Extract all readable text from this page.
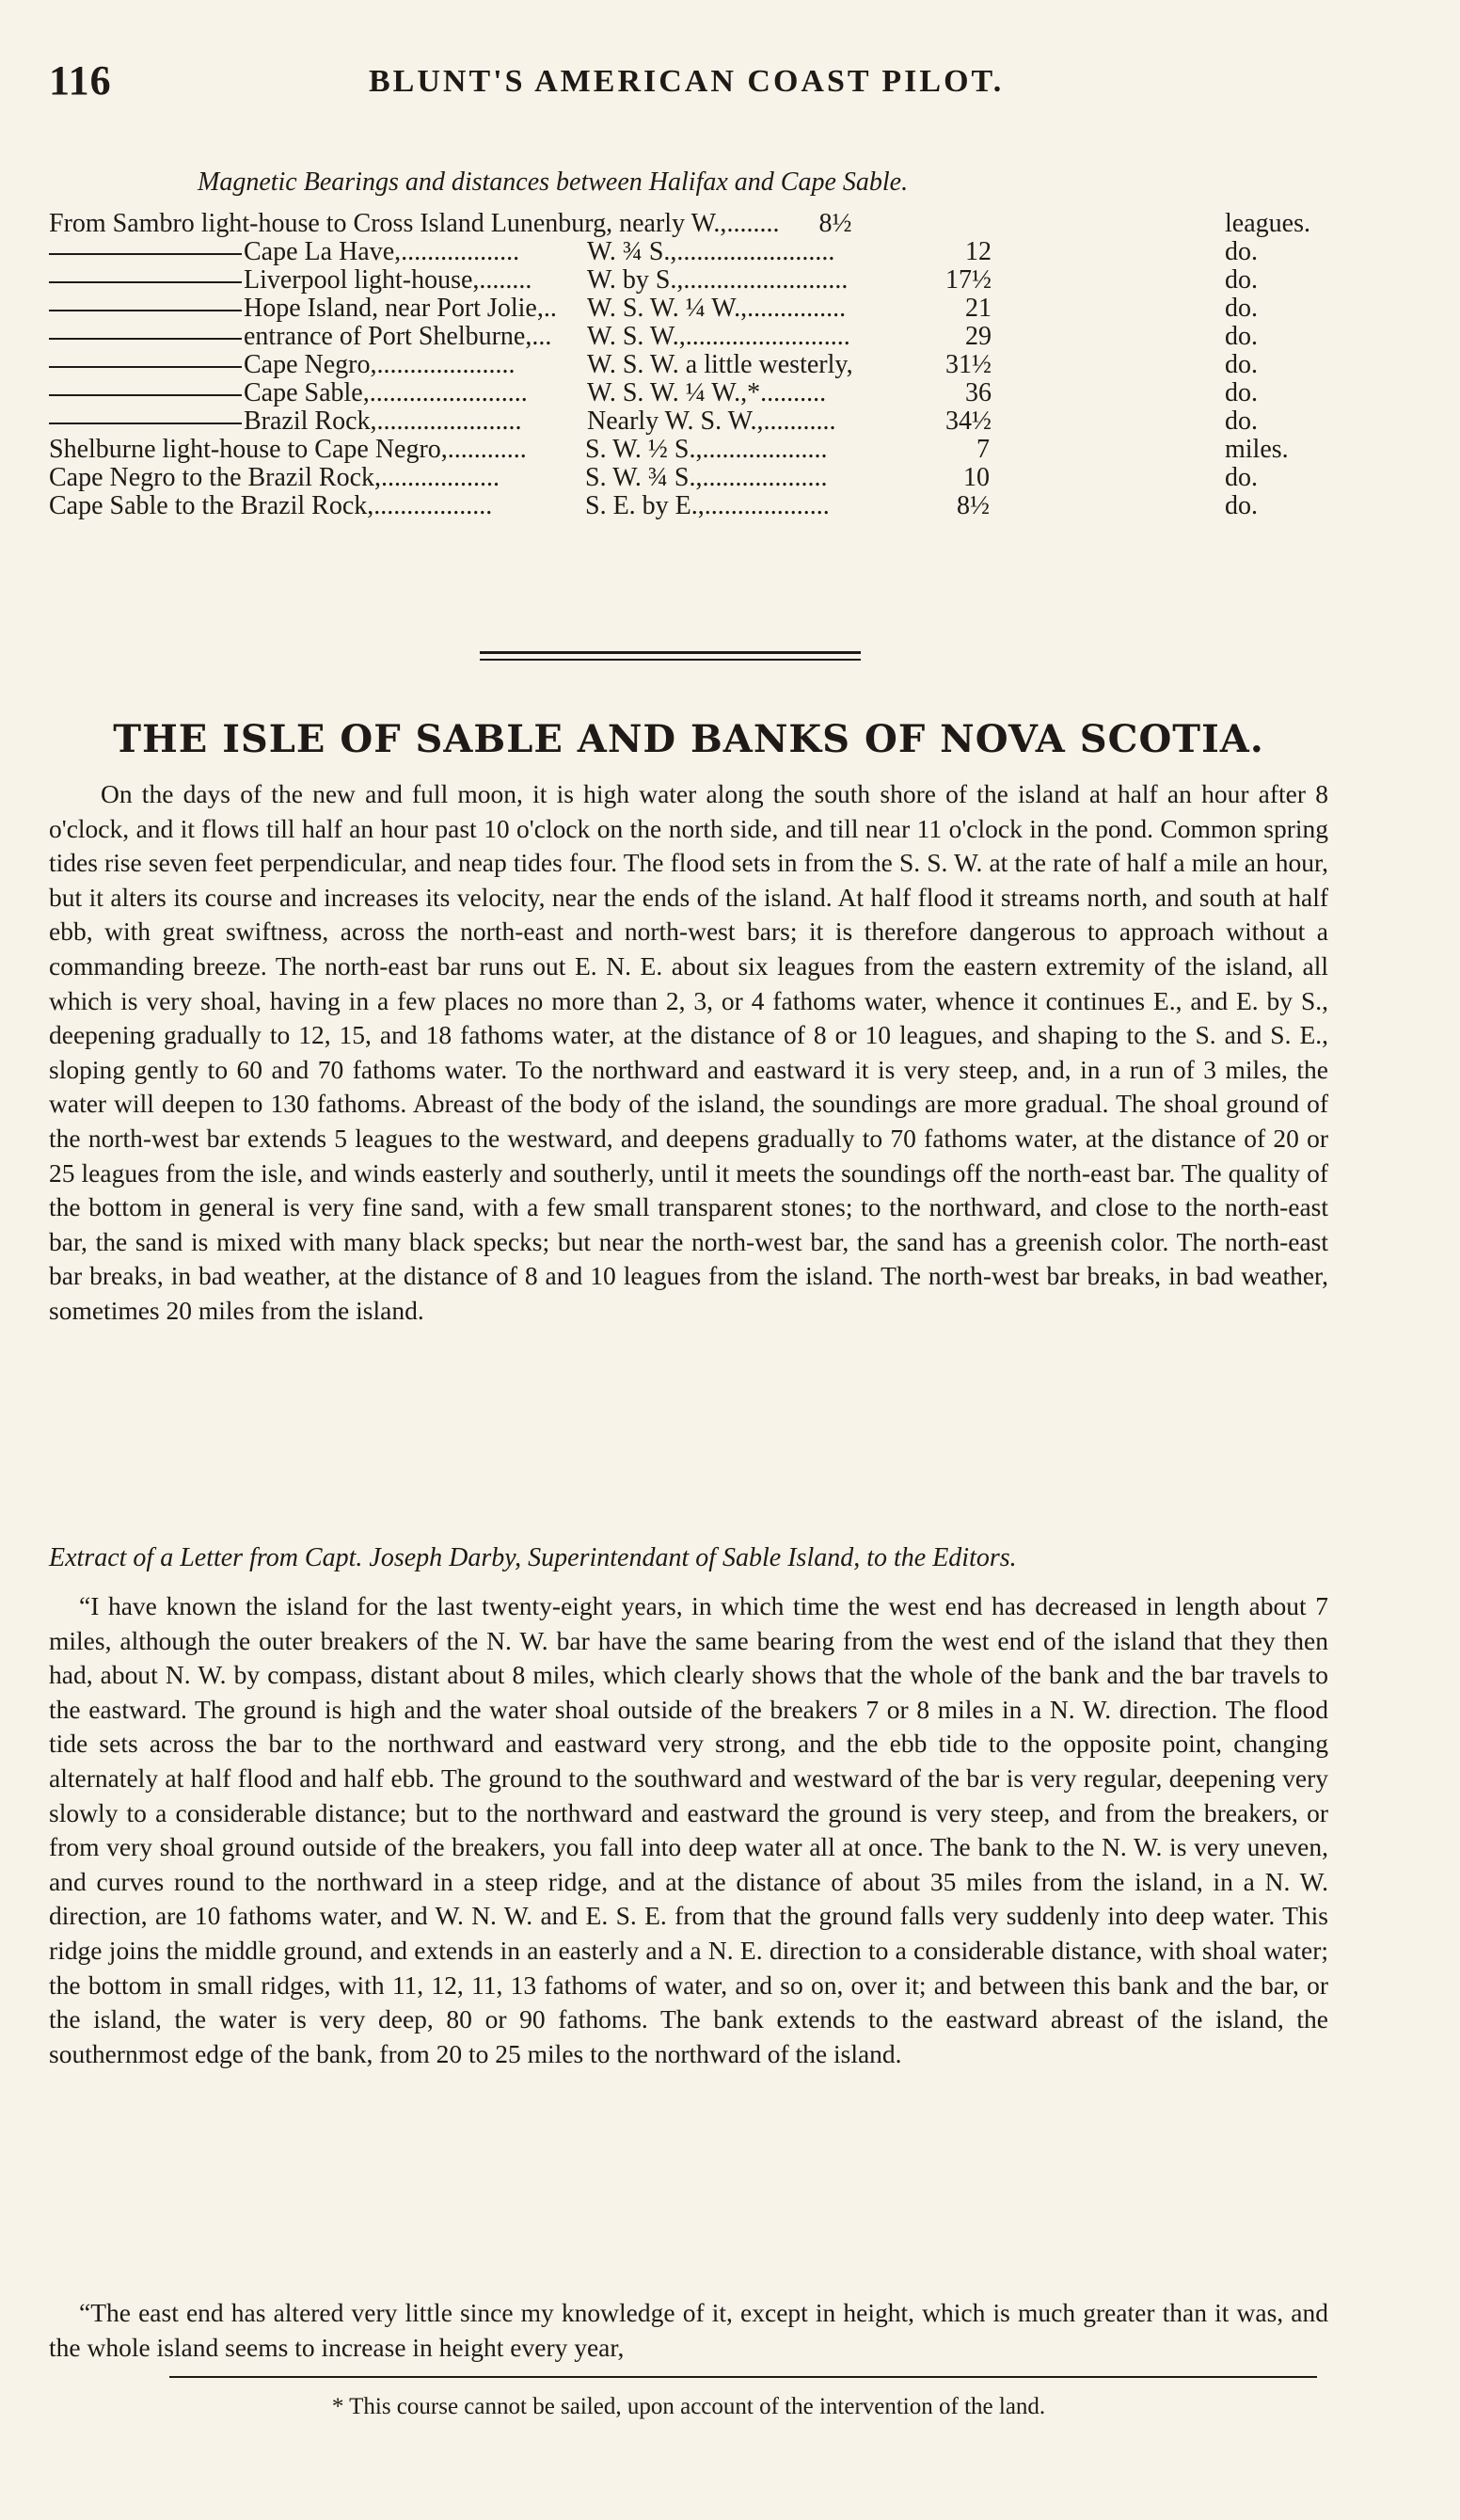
116	BLUNT'S AMERICAN COAST PILOT.
Magnetic Bearings and distances between Halifax and Cape Sable.
From Sambro light-house to Cross Island Lunenburg, nearly W.,........ 8½	leagues.
Cape La Have,..................	W. ¾ S.,........................	12	do.
Liverpool light-house,........ W. by S.,.........................	17½	do.
Hope Island, near Port Jolie,.. W. S. W. ¼ W.,...............	21	do.
entrance of Port Shelburne,... W. S. W.,.........................	29	do.
Cape Negro,.....................	W. S. W. a little westerly,	31½	do.
Cape Sable,........................ W. S. W. ¼ W.,*..........	36	do.
Brazil Rock,...................... Nearly W. S. W.,...........	34½	do.
Shelburne light-house to Cape Negro,............ S. W. ½ S.,...................	7	miles.
Cape Negro to the Brazil Rock,..................	S. W. ¾ S.,...................	10	do.
Cape Sable to the Brazil Rock,..................	S. E. by E.,...................	8½	do.
THE ISLE OF SABLE AND BANKS OF NOVA SCOTIA.
On the days of the new and full moon, it is high water along the south shore of the island at half an hour after 8 o'clock, and it flows till half an hour past 10 o'clock on the north side, and till near 11 o'clock in the pond. Common spring tides rise seven feet perpendicular, and neap tides four. The flood sets in from the S. S. W. at the rate of half a mile an hour, but it alters its course and increases its velocity, near the ends of the island. At half flood it streams north, and south at half ebb, with great swiftness, across the north-east and north-west bars; it is therefore dangerous to approach without a commanding breeze. The north-east bar runs out E. N. E. about six leagues from the eastern extremity of the island, all which is very shoal, having in a few places no more than 2, 3, or 4 fathoms water, whence it continues E., and E. by S., deepening gradually to 12, 15, and 18 fathoms water, at the distance of 8 or 10 leagues, and shaping to the S. and S. E., sloping gently to 60 and 70 fathoms water. To the northward and eastward it is very steep, and, in a run of 3 miles, the water will deepen to 130 fathoms. Abreast of the body of the island, the soundings are more gradual. The shoal ground of the north-west bar extends 5 leagues to the westward, and deepens gradually to 70 fathoms water, at the distance of 20 or 25 leagues from the isle, and winds easterly and southerly, until it meets the soundings off the north-east bar. The quality of the bottom in general is very fine sand, with a few small transparent stones; to the northward, and close to the north-east bar, the sand is mixed with many black specks; but near the north-west bar, the sand has a greenish color. The north-east bar breaks, in bad weather, at the distance of 8 and 10 leagues from the island. The north-west bar breaks, in bad weather, sometimes 20 miles from the island.
Extract of a Letter from Capt. Joseph Darby, Superintendant of Sable Island, to the Editors.
“I have known the island for the last twenty-eight years, in which time the west end has decreased in length about 7 miles, although the outer breakers of the N. W. bar have the same bearing from the west end of the island that they then had, about N. W. by compass, distant about 8 miles, which clearly shows that the whole of the bank and the bar travels to the eastward. The ground is high and the water shoal outside of the breakers 7 or 8 miles in a N. W. direction. The flood tide sets across the bar to the northward and eastward very strong, and the ebb tide to the opposite point, changing alternately at half flood and half ebb. The ground to the southward and westward of the bar is very regular, deepening very slowly to a considerable distance; but to the northward and eastward the ground is very steep, and from the breakers, or from very shoal ground outside of the breakers, you fall into deep water all at once. The bank to the N. W. is very uneven, and curves round to the northward in a steep ridge, and at the distance of about 35 miles from the island, in a N. W. direction, are 10 fathoms water, and W. N. W. and E. S. E. from that the ground falls very suddenly into deep water. This ridge joins the middle ground, and extends in an easterly and a N. E. direction to a considerable distance, with shoal water; the bottom in small ridges, with 11, 12, 11, 13 fathoms of water, and so on, over it; and between this bank and the bar, or the island, the water is very deep, 80 or 90 fathoms. The bank extends to the eastward abreast of the island, the southernmost edge of the bank, from 20 to 25 miles to the northward of the island.
“The east end has altered very little since my knowledge of it, except in height, which is much greater than it was, and the whole island seems to increase in height every year,
* This course cannot be sailed, upon account of the intervention of the land.
